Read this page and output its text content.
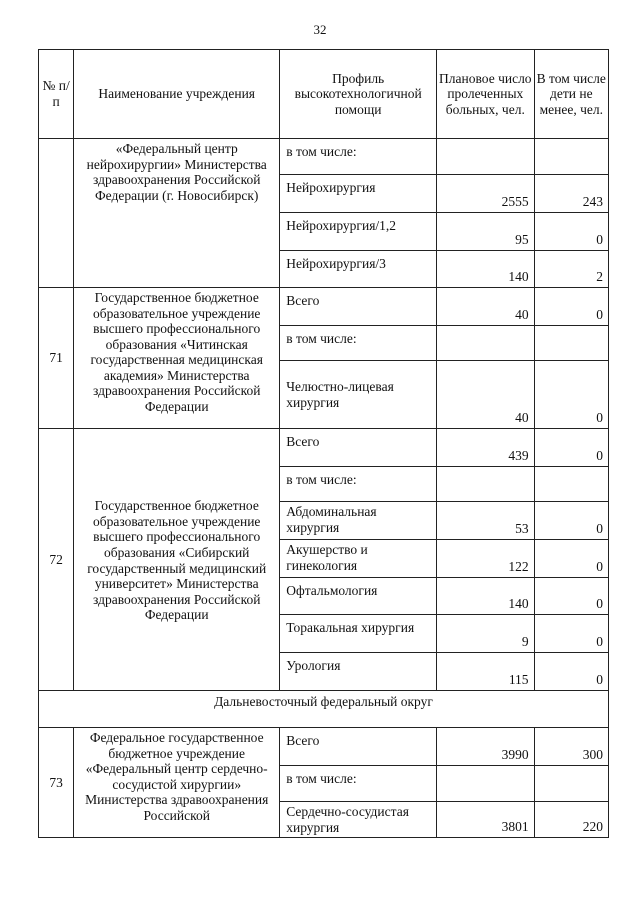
32
№ п/п	Наименование учреждения	Профиль высокотехнологичной помощи	Плановое число пролеченных больных, чел.	В том числе дети не менее, чел.
	«Федеральный центр нейрохирургии» Министерства здравоохранения Российской Федерации (г. Новосибирск)	в том числе:		
		Нейрохирургия	2555	243
		Нейрохирургия/1,2	95	0
		Нейрохирургия/3	140	2
71	Государственное бюджетное образовательное учреждение высшего профессионального образования «Читинская государственная медицинская академия» Министерства здравоохранения Российской Федерации	Всего	40	0
		в том числе:		
		Челюстно-лицевая хирургия	40	0
72	Государственное бюджетное образовательное учреждение высшего профессионального образования «Сибирский государственный медицинский университет» Министерства здравоохранения Российской Федерации	Всего	439	0
		в том числе:		
		Абдоминальная хирургия	53	0
		Акушерство и гинекология	122	0
		Офтальмология	140	0
		Торакальная хирургия	9	0
		Урология	115	0
Дальневосточный федеральный округ				
73	Федеральное государственное бюджетное учреждение «Федеральный центр сердечно-сосудистой хирургии» Министерства здравоохранения Российской	Всего	3990	300
		в том числе:		
		Сердечно-сосудистая хирургия	3801	220
